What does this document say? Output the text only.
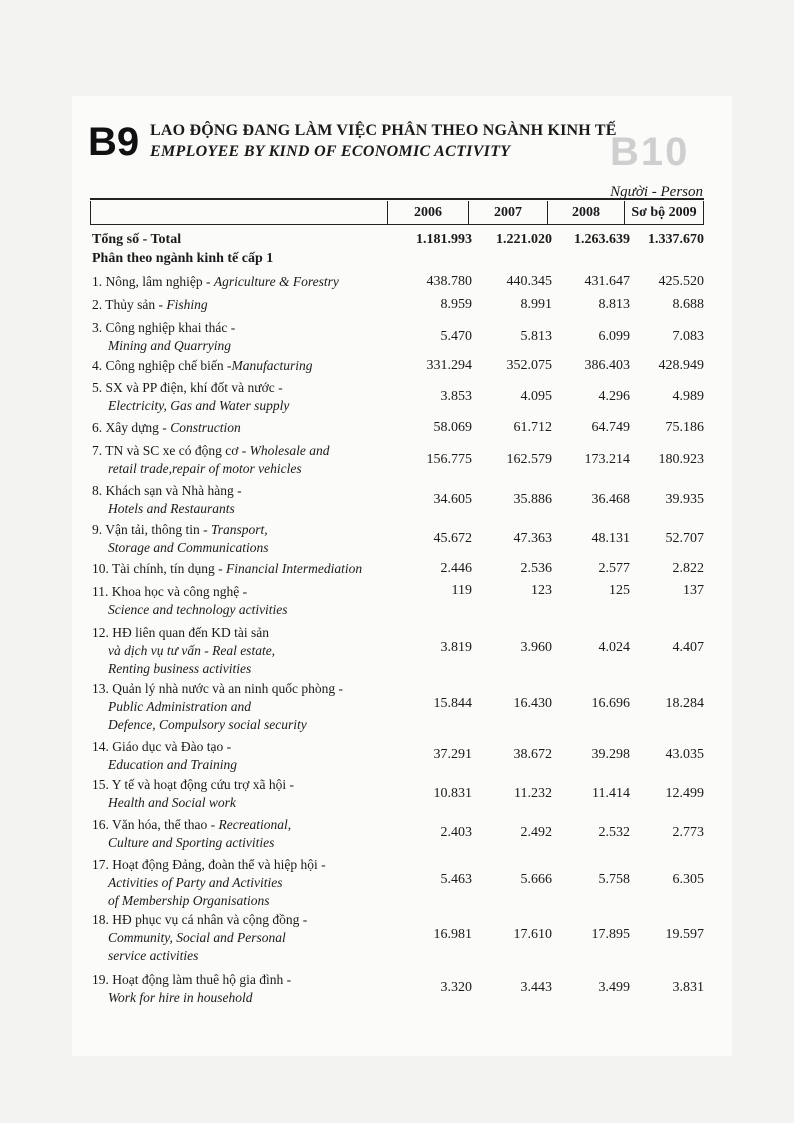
B10
B9 LAO ĐỘNG ĐANG LÀM VIỆC PHÂN THEO NGÀNH KINH TẾ
EMPLOYEE BY KIND OF ECONOMIC ACTIVITY
Người - Person
2006	2007	2008	Sơ bộ 2009
Tổng số - Total	1.181.993	1.221.020	1.263.639	1.337.670
Phân theo ngành kinh tế cấp 1
1. Nông, lâm nghiệp - Agriculture & Forestry	438.780	440.345	431.647	425.520
2. Thủy sản - Fishing	8.959	8.991	8.813	8.688
3. Công nghiệp khai thác -
Mining and Quarrying
5.470	5.813	6.099	7.083
4. Công nghiệp chế biến -Manufacturing	331.294	352.075	386.403	428.949
5. SX và PP điện, khí đốt và nước -
Electricity, Gas and Water supply
3.853	4.095	4.296	4.989
6. Xây dựng - Construction	58.069	61.712	64.749	75.186
7. TN và SC xe có động cơ - Wholesale and
retail trade,repair of motor vehicles
156.775	162.579	173.214	180.923
8. Khách sạn và Nhà hàng -
Hotels and Restaurants
34.605	35.886	36.468	39.935
9. Vận tải, thông tin - Transport,
Storage and Communications
45.672	47.363	48.131	52.707
10. Tài chính, tín dụng - Financial Intermediation	2.446	2.536	2.577	2.822
11. Khoa học và công nghệ -
Science and technology activities
119	123	125	137
12. HĐ liên quan đến KD tài sản
và dịch vụ tư vấn - Real estate,
Renting business activities
3.819	3.960	4.024	4.407
13. Quản lý nhà nước và an ninh quốc phòng -
Public Administration and
Defence, Compulsory social security
15.844	16.430	16.696	18.284
14. Giáo dục và Đào tạo -
Education and Training
37.291	38.672	39.298	43.035
15. Y tế và hoạt động cứu trợ xã hội -
Health and Social work
10.831	11.232	11.414	12.499
16. Văn hóa, thể thao - Recreational,
Culture and Sporting activities
2.403	2.492	2.532	2.773
17. Hoạt động Đảng, đoàn thể và hiệp hội -
Activities of Party and Activities
of Membership Organisations
5.463	5.666	5.758	6.305
18. HĐ phục vụ cá nhân và cộng đồng -
Community, Social and Personal
service activities
16.981	17.610	17.895	19.597
19. Hoạt động làm thuê hộ gia đình -
Work for hire in household
3.320	3.443	3.499	3.831
